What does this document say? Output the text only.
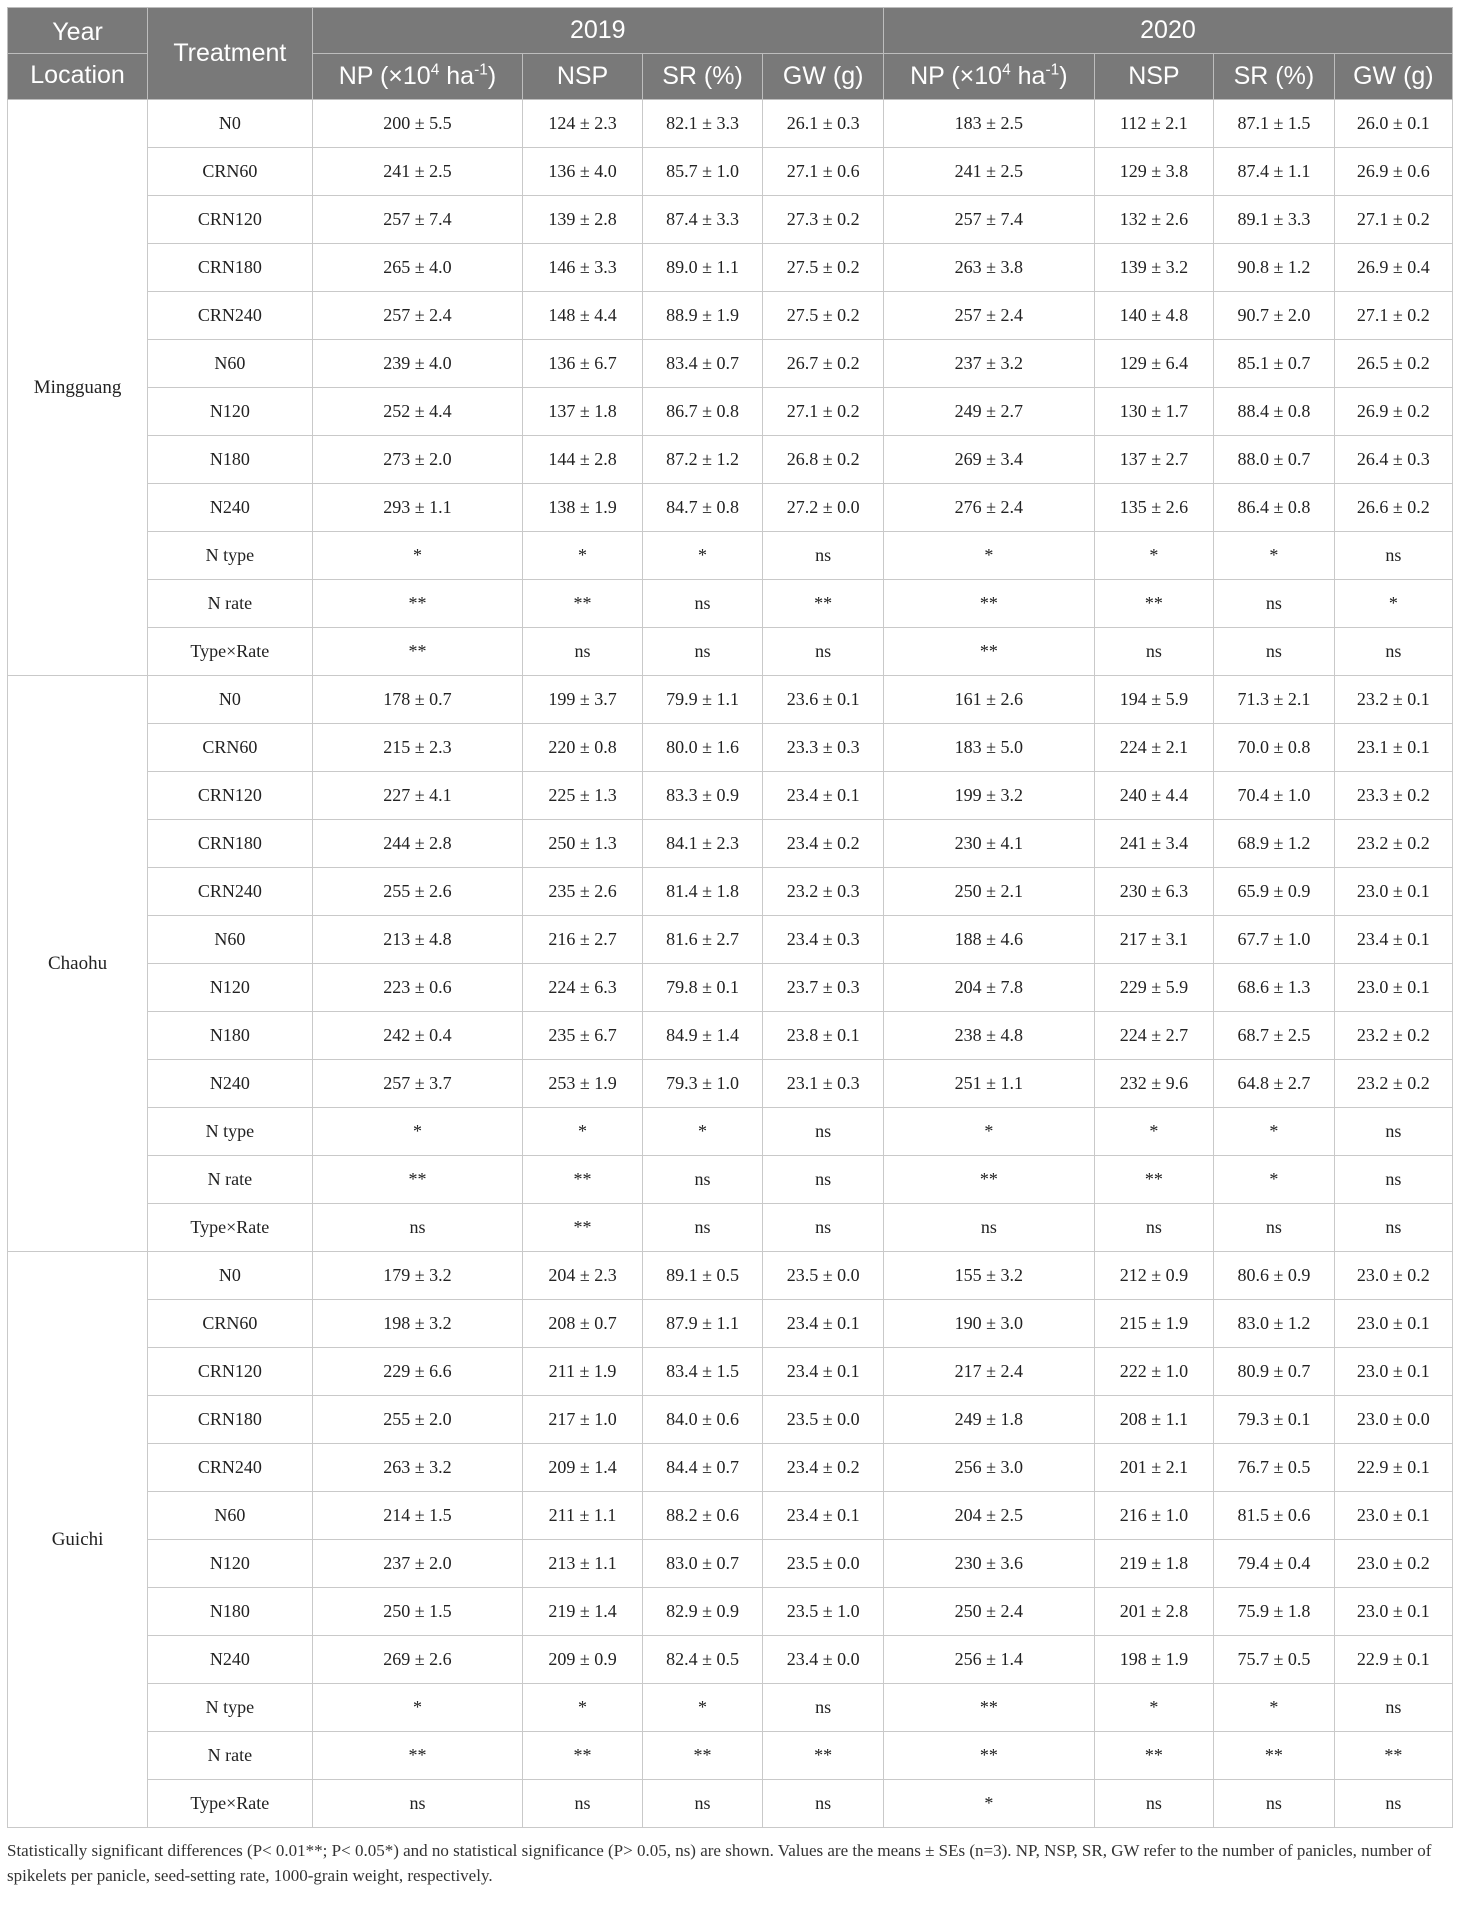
Year
Location	Treatment	2019				2020			
		NP ($\times 10^4$ $ha^{-1}$)	NSP	SR (%)	GW (g)	NP ($\times 10^4$ $ha^{-1}$)	NSP	SR (%)	GW (g)
Mingguang	N0	200 ± 5.5	124 ± 2.3	82.1 ± 3.3	26.1 ± 0.3	183 ± 2.5	112 ± 2.1	87.1 ± 1.5	26.0 ± 0.1
	CRN60	241 ± 2.5	136 ± 4.0	85.7 ± 1.0	27.1 ± 0.6	241 ± 2.5	129 ± 3.8	87.4 ± 1.1	26.9 ± 0.6
	CRN120	257 ± 7.4	139 ± 2.8	87.4 ± 3.3	27.3 ± 0.2	257 ± 7.4	132 ± 2.6	89.1 ± 3.3	27.1 ± 0.2
	CRN180	265 ± 4.0	146 ± 3.3	89.0 ± 1.1	27.5 ± 0.2	263 ± 3.8	139 ± 3.2	90.8 ± 1.2	26.9 ± 0.4
	CRN240	257 ± 2.4	148 ± 4.4	88.9 ± 1.9	27.5 ± 0.2	257 ± 2.4	140 ± 4.8	90.7 ± 2.0	27.1 ± 0.2
	N60	239 ± 4.0	136 ± 6.7	83.4 ± 0.7	26.7 ± 0.2	237 ± 3.2	129 ± 6.4	85.1 ± 0.7	26.5 ± 0.2
	N120	252 ± 4.4	137 ± 1.8	86.7 ± 0.8	27.1 ± 0.2	249 ± 2.7	130 ± 1.7	88.4 ± 0.8	26.9 ± 0.2
	N180	273 ± 2.0	144 ± 2.8	87.2 ± 1.2	26.8 ± 0.2	269 ± 3.4	137 ± 2.7	88.0 ± 0.7	26.4 ± 0.3
	N240	293 ± 1.1	138 ± 1.9	84.7 ± 0.8	27.2 ± 0.0	276 ± 2.4	135 ± 2.6	86.4 ± 0.8	26.6 ± 0.2
	N type	*	*	*	ns	*	*	*	ns
	N rate	**	**	ns	**	**	**	ns	*
	Type×Rate	**	ns	ns	ns	**	ns	ns	ns
Chaohu	N0	178 ± 0.7	199 ± 3.7	79.9 ± 1.1	23.6 ± 0.1	161 ± 2.6	194 ± 5.9	71.3 ± 2.1	23.2 ± 0.1
	CRN60	215 ± 2.3	220 ± 0.8	80.0 ± 1.6	23.3 ± 0.3	183 ± 5.0	224 ± 2.1	70.0 ± 0.8	23.1 ± 0.1
	CRN120	227 ± 4.1	225 ± 1.3	83.3 ± 0.9	23.4 ± 0.1	199 ± 3.2	240 ± 4.4	70.4 ± 1.0	23.3 ± 0.2
	CRN180	244 ± 2.8	250 ± 1.3	84.1 ± 2.3	23.4 ± 0.2	230 ± 4.1	241 ± 3.4	68.9 ± 1.2	23.2 ± 0.2
	CRN240	255 ± 2.6	235 ± 2.6	81.4 ± 1.8	23.2 ± 0.3	250 ± 2.1	230 ± 6.3	65.9 ± 0.9	23.0 ± 0.1
	N60	213 ± 4.8	216 ± 2.7	81.6 ± 2.7	23.4 ± 0.3	188 ± 4.6	217 ± 3.1	67.7 ± 1.0	23.4 ± 0.1
	N120	223 ± 0.6	224 ± 6.3	79.8 ± 0.1	23.7 ± 0.3	204 ± 7.8	229 ± 5.9	68.6 ± 1.3	23.0 ± 0.1
	N180	242 ± 0.4	235 ± 6.7	84.9 ± 1.4	23.8 ± 0.1	238 ± 4.8	224 ± 2.7	68.7 ± 2.5	23.2 ± 0.2
	N240	257 ± 3.7	253 ± 1.9	79.3 ± 1.0	23.1 ± 0.3	251 ± 1.1	232 ± 9.6	64.8 ± 2.7	23.2 ± 0.2
	N type	*	*	*	ns	*	*	*	ns
	N rate	**	**	ns	ns	**	**	*	ns
	Type×Rate	ns	**	ns	ns	ns	ns	ns	ns
Guichi	N0	179 ± 3.2	204 ± 2.3	89.1 ± 0.5	23.5 ± 0.0	155 ± 3.2	212 ± 0.9	80.6 ± 0.9	23.0 ± 0.2
	CRN60	198 ± 3.2	208 ± 0.7	87.9 ± 1.1	23.4 ± 0.1	190 ± 3.0	215 ± 1.9	83.0 ± 1.2	23.0 ± 0.1
	CRN120	229 ± 6.6	211 ± 1.9	83.4 ± 1.5	23.4 ± 0.1	217 ± 2.4	222 ± 1.0	80.9 ± 0.7	23.0 ± 0.1
	CRN180	255 ± 2.0	217 ± 1.0	84.0 ± 0.6	23.5 ± 0.0	249 ± 1.8	208 ± 1.1	79.3 ± 0.1	23.0 ± 0.0
	CRN240	263 ± 3.2	209 ± 1.4	84.4 ± 0.7	23.4 ± 0.2	256 ± 3.0	201 ± 2.1	76.7 ± 0.5	22.9 ± 0.1
	N60	214 ± 1.5	211 ± 1.1	88.2 ± 0.6	23.4 ± 0.1	204 ± 2.5	216 ± 1.0	81.5 ± 0.6	23.0 ± 0.1
	N120	237 ± 2.0	213 ± 1.1	83.0 ± 0.7	23.5 ± 0.0	230 ± 3.6	219 ± 1.8	79.4 ± 0.4	23.0 ± 0.2
	N180	250 ± 1.5	219 ± 1.4	82.9 ± 0.9	23.5 ± 1.0	250 ± 2.4	201 ± 2.8	75.9 ± 1.8	23.0 ± 0.1
	N240	269 ± 2.6	209 ± 0.9	82.4 ± 0.5	23.4 ± 0.0	256 ± 1.4	198 ± 1.9	75.7 ± 0.5	22.9 ± 0.1
	N type	*	*	*	ns	**	*	*	ns
	N rate	**	**	**	**	**	**	**	**
	Type×Rate	ns	ns	ns	ns	*	ns	ns	ns
Statistically significant differences (P< 0.01**; P< 0.05*) and no statistical significance (P> 0.05, ns) are shown. Values are the means ± SEs (n=3). NP, NSP, SR, GW refer to the number of panicles, number of spikelets per panicle, seed-setting rate, 1000-grain weight, respectively.
